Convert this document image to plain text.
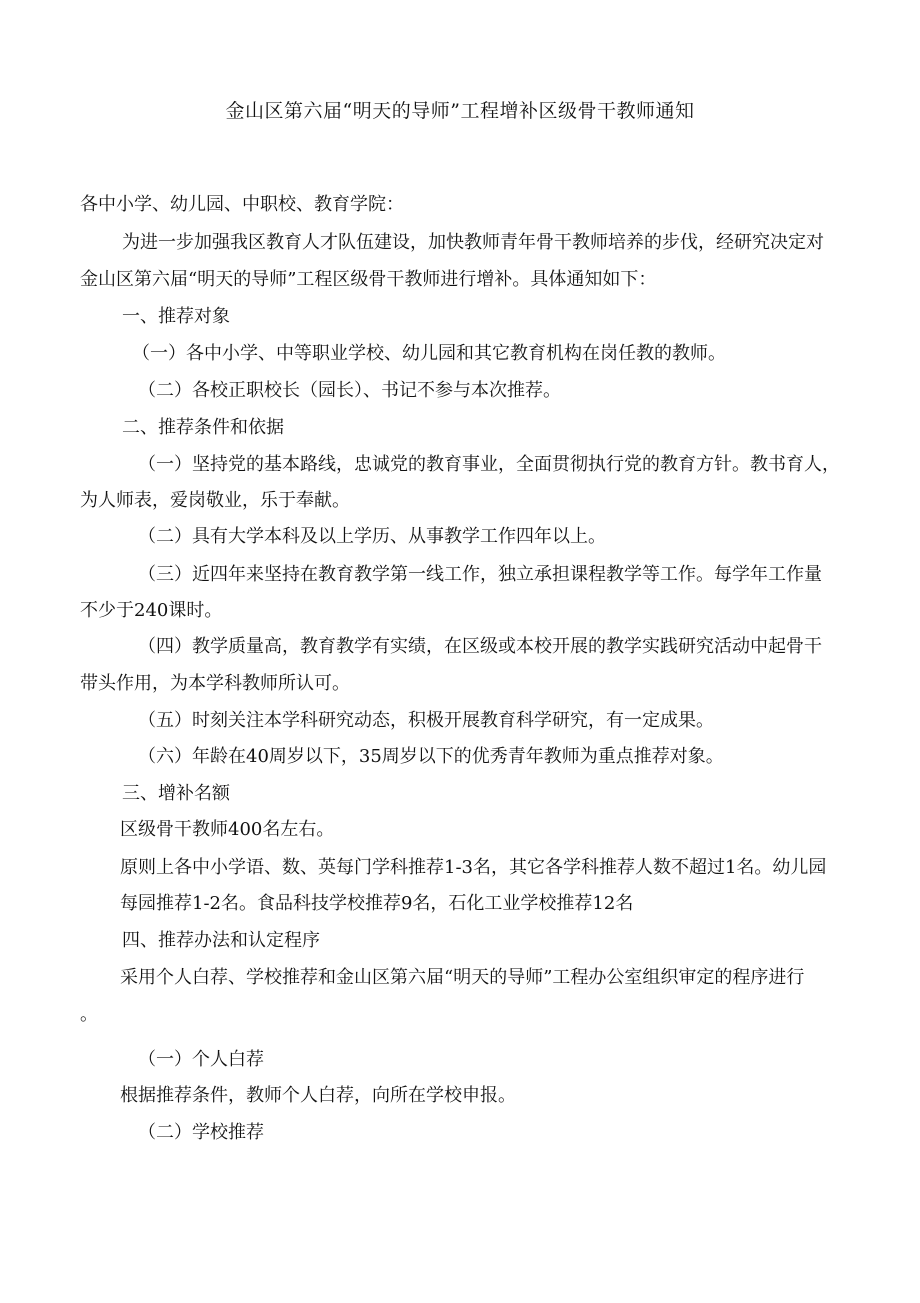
金山区第六届“明天的导师”工程增补区级骨干教师通知
各中小学、幼儿园、中职校、教育学院：
为进一步加强我区教育人才队伍建设，加快教师青年骨干教师培养的步伐，经研究决定对
金山区第六届“明天的导师”工程区级骨干教师进行增补。具体通知如下：
一、推荐对象
（一）各中小学、中等职业学校、幼儿园和其它教育机构在岗任教的教师。
（二）各校正职校长（园长）、书记不参与本次推荐。
二、推荐条件和依据
（一）坚持党的基本路线，忠诚党的教育事业，全面贯彻执行党的教育方针。教书育人，
为人师表，爱岗敬业，乐于奉献。
（二）具有大学本科及以上学历、从事教学工作四年以上。
（三）近四年来坚持在教育教学第一线工作，独立承担课程教学等工作。每学年工作量
不少于240课时。
（四）教学质量高，教育教学有实绩，在区级或本校开展的教学实践研究活动中起骨干
带头作用，为本学科教师所认可。
（五）时刻关注本学科研究动态，积极开展教育科学研究，有一定成果。
（六）年龄在40周岁以下，35周岁以下的优秀青年教师为重点推荐对象。
三、增补名额
区级骨干教师400名左右。
原则上各中小学语、数、英每门学科推荐1-3名，其它各学科推荐人数不超过1名。幼儿园
每园推荐1-2名。食品科技学校推荐9名，石化工业学校推荐12名
四、推荐办法和认定程序
采用个人白荐、学校推荐和金山区第六届“明天的导师”工程办公室组织审定的程序进行
。
（一）个人白荐
根据推荐条件，教师个人白荐，向所在学校申报。
（二）学校推荐
